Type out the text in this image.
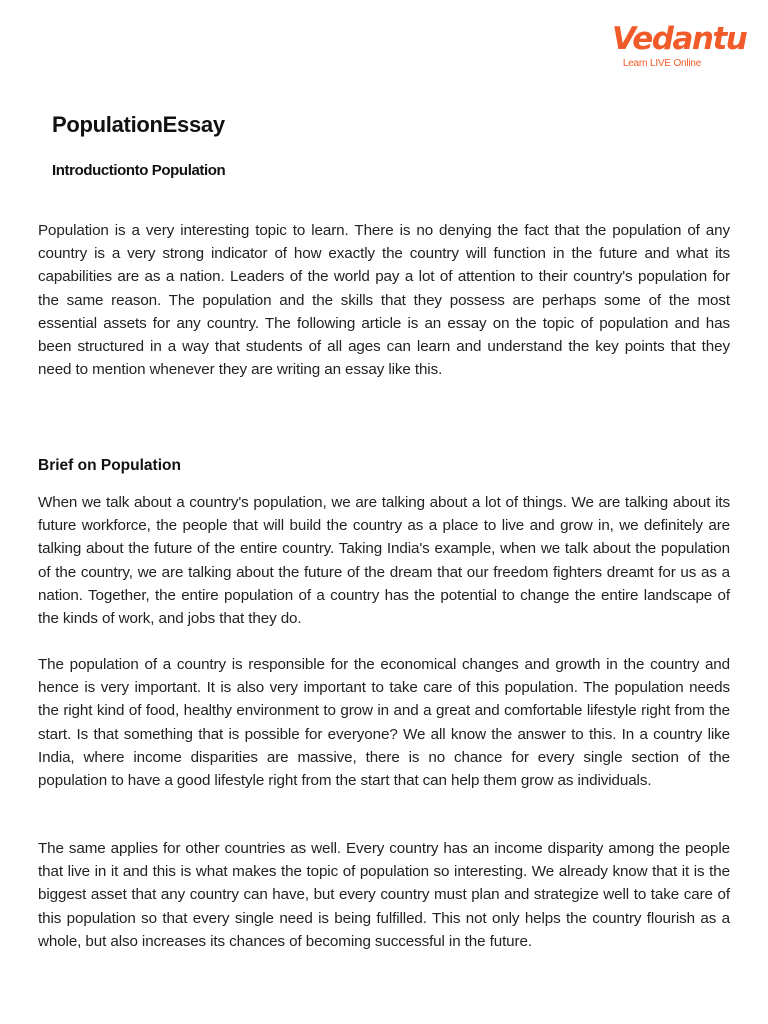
Vedantu
Learn LIVE Online
PopulationEssay
Introductionto Population

Population is a very interesting topic to learn. There is no denying the fact that the population of any country is a very strong indicator of how exactly the country will function in the future and what its capabilities are as a nation. Leaders of the world pay a lot of attention to their country's population for the same reason. The population and the skills that they possess are perhaps some of the most essential assets for any country. The following article is an essay on the topic of population and has been structured in a way that students of all ages can learn and understand the key points that they need to mention whenever they are writing an essay like this.

Brief on Population

When we talk about a country's population, we are talking about a lot of things. We are talking about its future workforce, the people that will build the country as a place to live and grow in, we definitely are talking about the future of the entire country. Taking India's example, when we talk about the population of the country, we are talking about the future of the dream that our freedom fighters dreamt for us as a nation. Together, the entire population of a country has the potential to change the entire landscape of the kinds of work, and jobs that they do.

The population of a country is responsible for the economical changes and growth in the country and hence is very important. It is also very important to take care of this population. The population needs the right kind of food, healthy environment to grow in and a great and comfortable lifestyle right from the start. Is that something that is possible for everyone? We all know the answer to this. In a country like India, where income disparities are massive, there is no chance for every single section of the population to have a good lifestyle right from the start that can help them grow as individuals.

The same applies for other countries as well. Every country has an income disparity among the people that live in it and this is what makes the topic of population so interesting. We already know that it is the biggest asset that any country can have, but every country must plan and strategize well to take care of this population so that every single need is being fulfilled. This not only helps the country flourish as a whole, but also increases its chances of becoming successful in the future.
